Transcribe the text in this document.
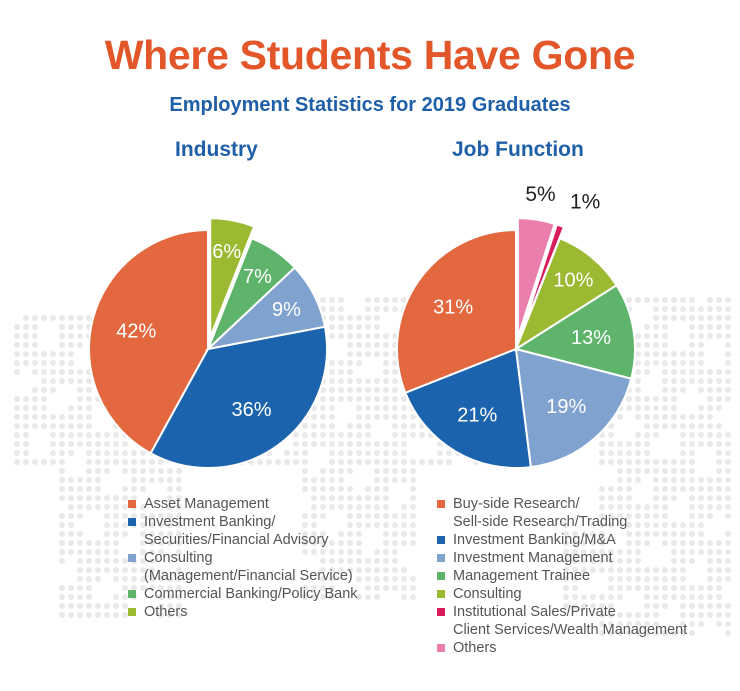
Where Students Have Gone
Employment Statistics for 2019 Graduates
Industry	Job Function
42%
36%
9%
7%
6%
31%
21% 19%
13%
10%
1%
5%
Asset Management
Investment Banking/
Securities/Financial Advisory
Consulting
(Management/Financial Service)
Commercial Banking/Policy Bank
Others
Buy-side Research/
Sell-side Research/Trading
Investment Banking/M&A
Investment Management
Management Trainee
Consulting
Institutional Sales/Private
Client Services/Wealth Management
Others
